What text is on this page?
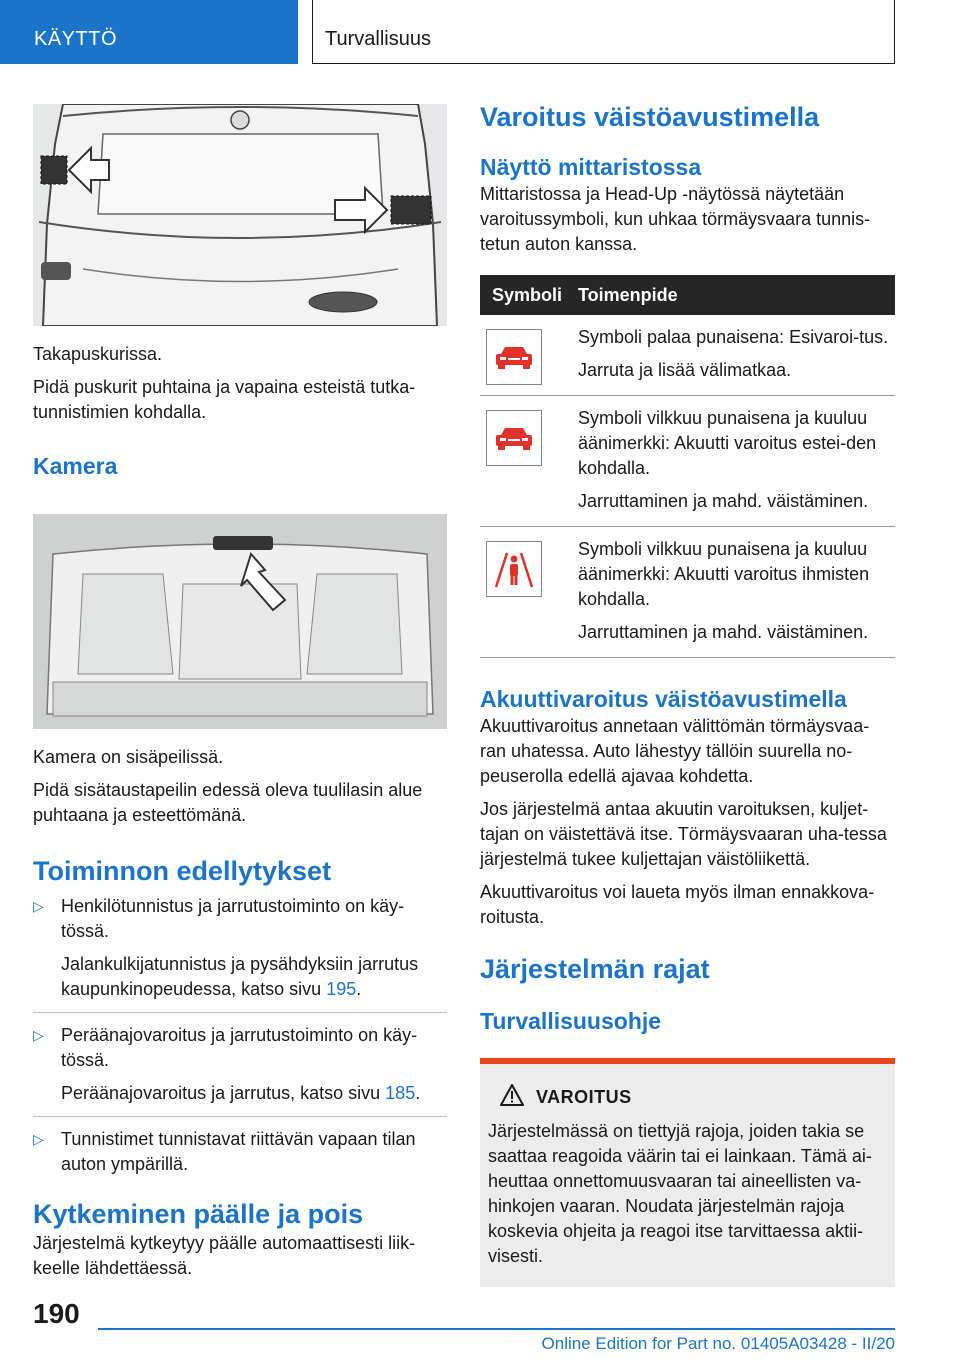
KÄYTTÖ	Turvallisuus

Takapuskurissa.

Pidä puskurit puhtaina ja vapaina esteistä tutka-tunnistimien kohdalla.

Kamera

Kamera on sisäpeilissä.

Pidä sisätaustapeilin edessä oleva tuulilasin alue puhtaana ja esteettömänä.

Toiminnon edellytykset
▷ Henkilötunnistus ja jarrutustoiminto on käy-tössä.
Jalankulkijatunnistus ja pysähdyksiin jarrutus kaupunkinopeudessa, katso sivu 195.
▷ Peräänajovaroitus ja jarrutustoiminto on käy-tössä.
Peräänajovaroitus ja jarrutus, katso sivu 185.
▷ Tunnistimet tunnistavat riittävän vapaan tilan auton ympärillä.
Kytkeminen päälle ja pois

Järjestelmä kytkeytyy päälle automaattisesti liik-keelle lähdettäessä.

Varoitus väistöavustimella
Näyttö mittaristossa

Mittaristossa ja Head-Up -näytössä näytetään varoitussymboli, kun uhkaa törmäysvaara tunnis-tetun auton kanssa.

Symboli	Toimenpide

Symboli palaa punaisena: Esivaroi-tus.

Jarruta ja lisää välimatkaa.

Symboli vilkkuu punaisena ja kuuluu äänimerkki: Akuutti varoitus estei-den kohdalla.

Jarruttaminen ja mahd. väistäminen.

Symboli vilkkuu punaisena ja kuuluu äänimerkki: Akuutti varoitus ihmisten kohdalla.

Jarruttaminen ja mahd. väistäminen.

Akuuttivaroitus väistöavustimella

Akuuttivaroitus annetaan välittömän törmäysvaa-ran uhatessa. Auto lähestyy tällöin suurella no-peuserolla edellä ajavaa kohdetta.

Jos järjestelmä antaa akuutin varoituksen, kuljet-tajan on väistettävä itse. Törmäysvaaran uha-tessa järjestelmä tukee kuljettajan väistöliikettä.

Akuuttivaroitus voi laueta myös ilman ennakkova-roitusta.

Järjestelmän rajat
Turvallisuusohje
VAROITUS

Järjestelmässä on tiettyjä rajoja, joiden takia se saattaa reagoida väärin tai ei lainkaan. Tämä ai-heuttaa onnettomuusvaaran tai aineellisten va-hinkojen vaaran. Noudata järjestelmän rajoja koskevia ohjeita ja reagoi itse tarvittaessa aktii-visesti.

190
Online Edition for Part no. 01405A03428 - II/20
